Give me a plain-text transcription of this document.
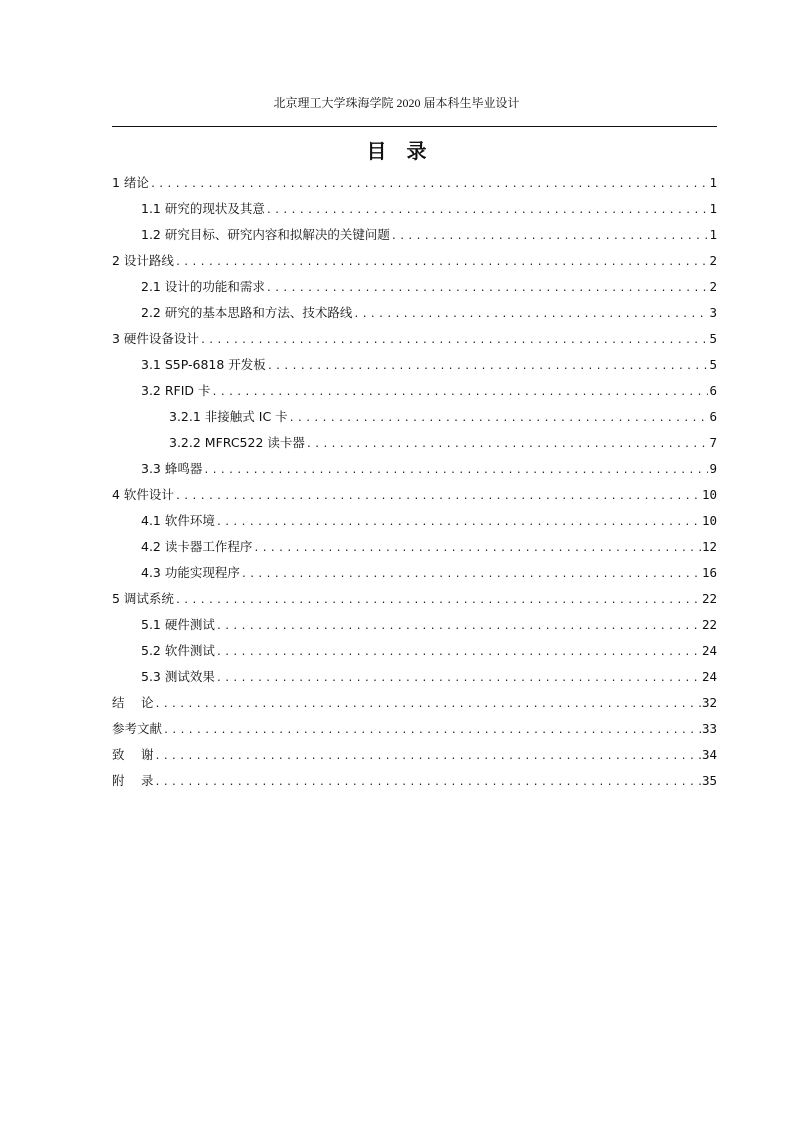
北京理工大学珠海学院 2020 届本科生毕业设计
目录
1 绪论 .....	1
1.1 研究的现状及其意 .....	1
1.2 研究目标、研究内容和拟解决的关键问题 .....	1
2 设计路线 .....	2
2.1 设计的功能和需求 .....	2
2.2 研究的基本思路和方法、技术路线 .....	3
3 硬件设备设计 .....	5
3.1 S5P-6818 开发板 .....	5
3.2 RFID 卡 .....	6
3.2.1 非接触式 IC 卡 .....	6
3.2.2 MFRC522 读卡器 .....	7
3.3 蜂鸣器 .....	9
4 软件设计 .....	10
4.1 软件环境 .....	10
4.2 读卡器工作程序 .....	12
4.3 功能实现程序 .....	16
5 调试系统 .....	22
5.1 硬件测试 .....	22
5.2 软件测试 .....	24
5.3 测试效果 .....	24
结　 论 .....	32
参考文献 .....	33
致　 谢 .....	34
附　 录 .....	35
